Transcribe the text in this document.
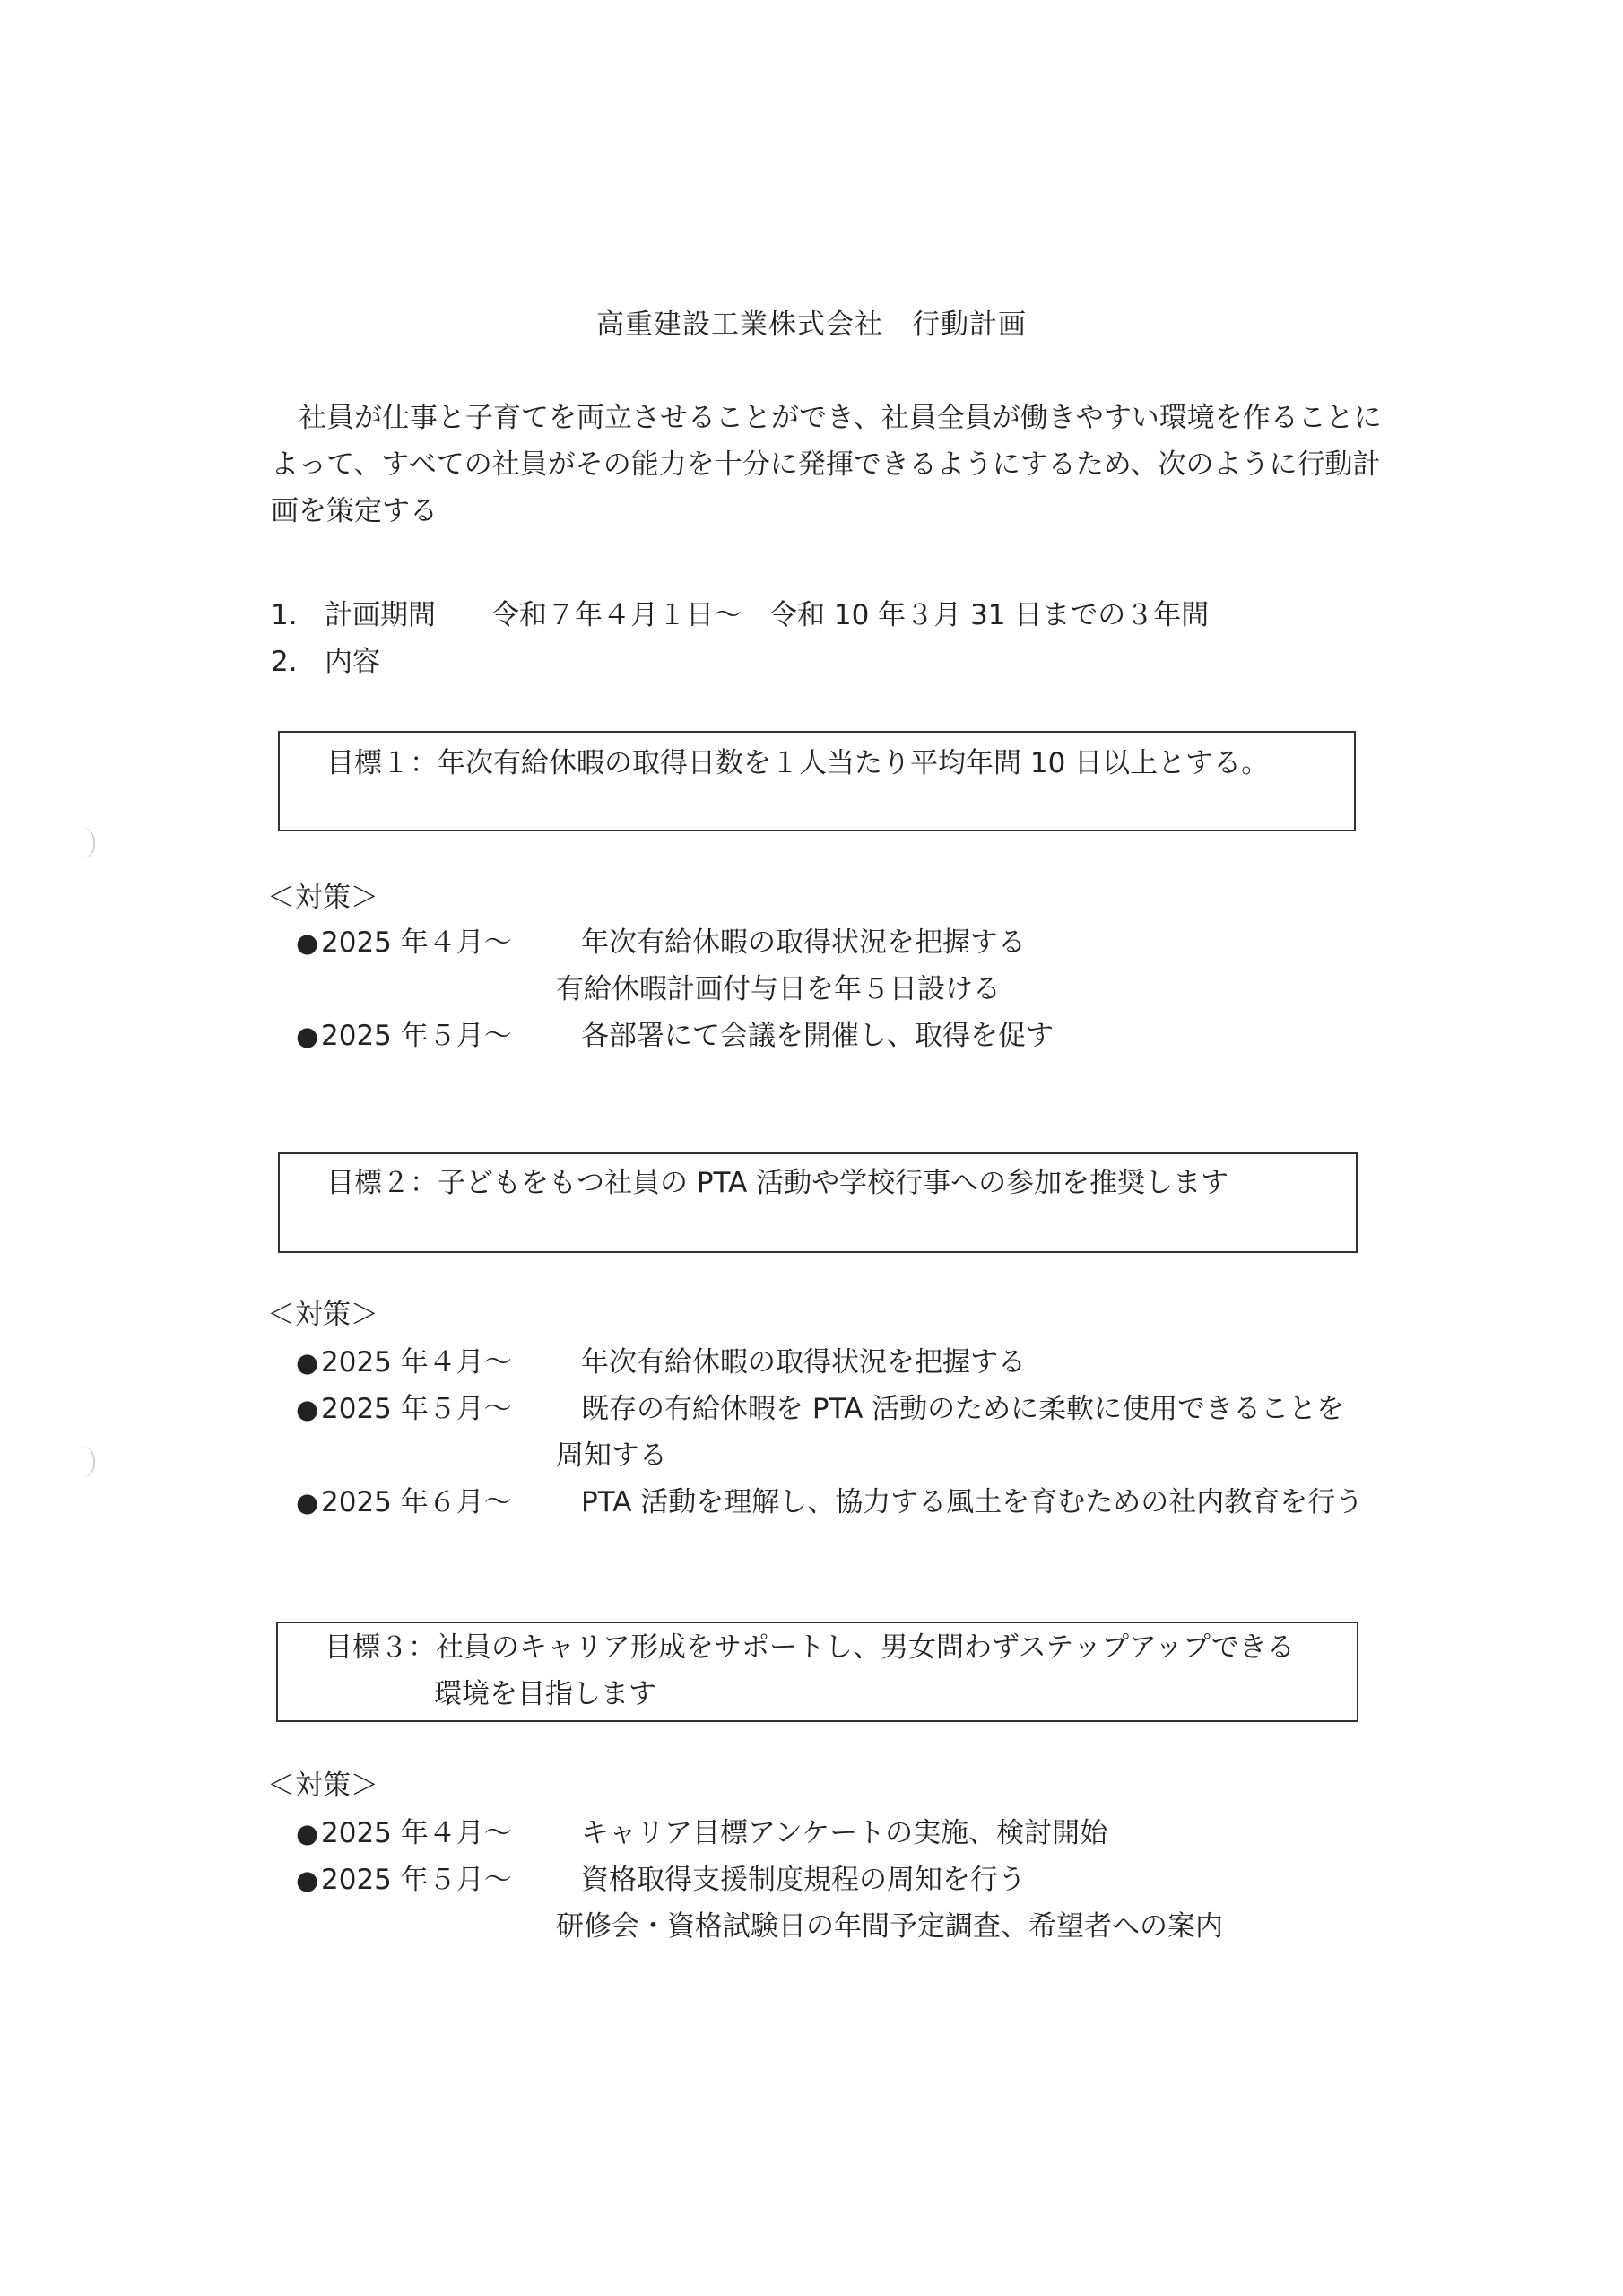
高重建設工業株式会社　行動計画
社員が仕事と子育てを両立させることができ、社員全員が働きやすい環境を作ることに
よって、すべての社員がその能力を十分に発揮できるようにするため、次のように行動計
画を策定する
1. 計画期間 令和７年４月１日～　令和 10 年３月 31 日までの３年間
2. 内容
目標１：年次有給休暇の取得日数を１人当たり平均年間 10 日以上とする。
＜対策＞
●2025 年４月～ 年次有給休暇の取得状況を把握する
有給休暇計画付与日を年５日設ける
●2025 年５月～ 各部署にて会議を開催し、取得を促す
目標２：子どもをもつ社員の PTA 活動や学校行事への参加を推奨します
＜対策＞
●2025 年４月～ 年次有給休暇の取得状況を把握する
●2025 年５月～ 既存の有給休暇を PTA 活動のために柔軟に使用できることを
周知する
●2025 年６月～ PTA 活動を理解し、協力する風土を育むための社内教育を行う
目標３：社員のキャリア形成をサポートし、男女問わずステップアップできる
環境を目指します
＜対策＞
●2025 年４月～ キャリア目標アンケートの実施、検討開始
●2025 年５月～ 資格取得支援制度規程の周知を行う
研修会・資格試験日の年間予定調査、希望者への案内
